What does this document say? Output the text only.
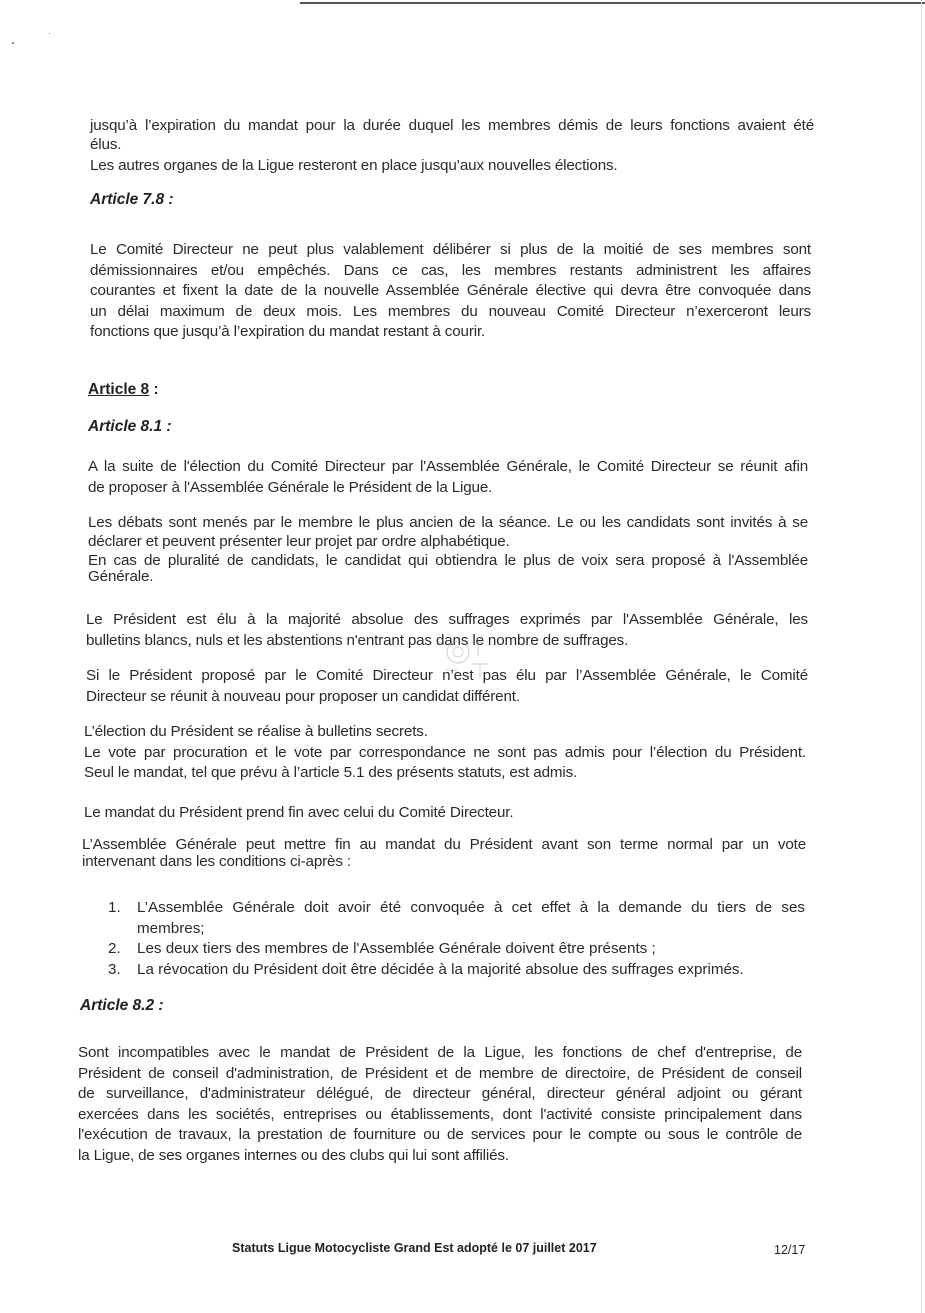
jusqu’à l’expiration du mandat pour la durée duquel les membres démis de leurs fonctions avaient été
élus.
Les autres organes de la Ligue resteront en place jusqu’aux nouvelles élections.
Article 7.8 :
Le Comité Directeur ne peut plus valablement délibérer si plus de la moitié de ses membres sont
démissionnaires et/ou empêchés. Dans ce cas, les membres restants administrent les affaires
courantes et fixent la date de la nouvelle Assemblée Générale élective qui devra être convoquée dans
un délai maximum de deux mois. Les membres du nouveau Comité Directeur n’exerceront leurs
fonctions que jusqu’à l’expiration du mandat restant à courir.
Article 8 :
Article 8.1 :
A la suite de l'élection du Comité Directeur par l'Assemblée Générale, le Comité Directeur se réunit afin
de proposer à l'Assemblée Générale le Président de la Ligue.
Les débats sont menés par le membre le plus ancien de la séance. Le ou les candidats sont invités à se
déclarer et peuvent présenter leur projet par ordre alphabétique.
En cas de pluralité de candidats, le candidat qui obtiendra le plus de voix sera proposé à l'Assemblée
Générale.
Le Président est élu à la majorité absolue des suffrages exprimés par l'Assemblée Générale, les
bulletins blancs, nuls et les abstentions n'entrant pas dans le nombre de suffrages.
Si le Président proposé par le Comité Directeur n’est pas élu par l’Assemblée Générale, le Comité
Directeur se réunit à nouveau pour proposer un candidat différent.
L’élection du Président se réalise à bulletins secrets.
Le vote par procuration et le vote par correspondance ne sont pas admis pour l’élection du Président.
Seul le mandat, tel que prévu à l’article 5.1 des présents statuts, est admis.
Le mandat du Président prend fin avec celui du Comité Directeur.
L’Assemblée Générale peut mettre fin au mandat du Président avant son terme normal par un vote
intervenant dans les conditions ci-après :
1.	L’Assemblée Générale doit avoir été convoquée à cet effet à la demande du tiers de ses
membres;
2.	Les deux tiers des membres de l'Assemblée Générale doivent être présents ;
3.	La révocation du Président doit être décidée à la majorité absolue des suffrages exprimés.
Article 8.2 :
Sont incompatibles avec le mandat de Président de la Ligue, les fonctions de chef d'entreprise, de
Président de conseil d'administration, de Président et de membre de directoire, de Président de conseil
de surveillance, d'administrateur délégué, de directeur général, directeur général adjoint ou gérant
exercées dans les sociétés, entreprises ou établissements, dont l'activité consiste principalement dans
l'exécution de travaux, la prestation de fourniture ou de services pour le compte ou sous le contrôle de
la Ligue, de ses organes internes ou des clubs qui lui sont affiliés.
Statuts Ligue Motocycliste Grand Est adopté le 07 juillet 2017	12/17
